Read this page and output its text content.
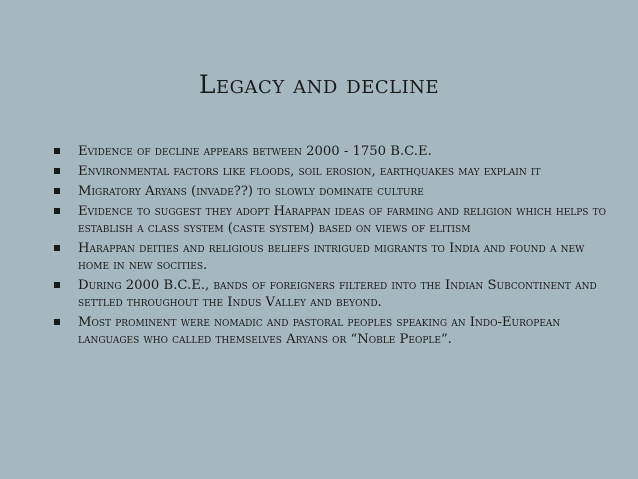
Legacy and decline
Evidence of decline appears between 2000 - 1750 B.C.E.
Environmental factors like floods, soil erosion, earthquakes may explain it
Migratory Aryans (invade??) to slowly dominate culture
Evidence to suggest they adopt Harappan ideas of farming and religion which helps to establish a class system (caste system) based on views of elitism
Harappan deities and religious beliefs intrigued migrants to India and found a new home in new socities.
During 2000 B.C.E., bands of foreigners filtered into the Indian Subcontinent and settled throughout the Indus Valley and beyond.
Most prominent were nomadic and pastoral peoples speaking an Indo-European languages who called themselves Aryans or “Noble People”.
